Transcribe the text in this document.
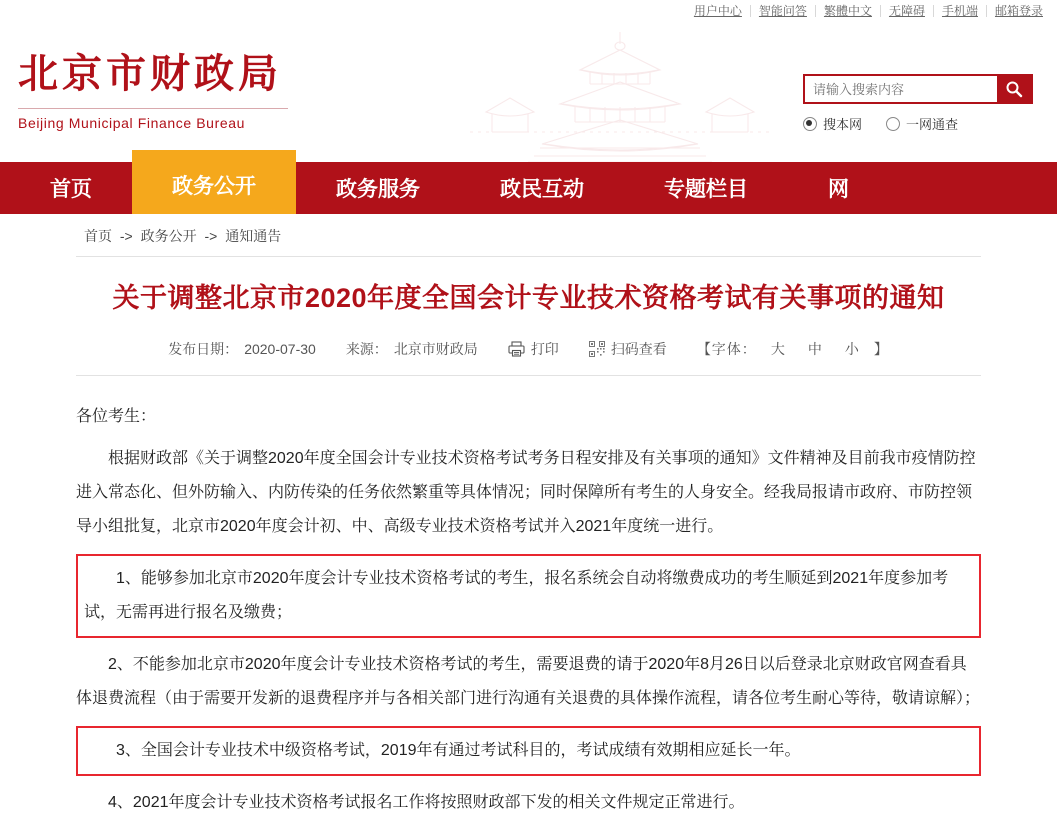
用户中心	智能问答	繁體中文	无障碍	手机端	邮箱登录
北京市财政局
Beijing Municipal Finance Bureau
请输入搜索内容	搜本网	一网通查
首页	政务公开	政务服务	政民互动	专题栏目	网
首页 -> 政务公开 -> 通知通告
关于调整北京市2020年度全国会计专业技术资格考试有关事项的通知
发布日期： 2020-07-30 来源： 北京市财政局	打印	扫码查看 【字体： 大 中 小 】

各位考生：

根据财政部《关于调整2020年度全国会计专业技术资格考试考务日程安排及有关事项的通知》文件精神及目前我市疫情防控进入常态化、但外防输入、内防传染的任务依然繁重等具体情况；同时保障所有考生的人身安全。经我局报请市政府、市防控领导小组批复，北京市2020年度会计初、中、高级专业技术资格考试并入2021年度统一进行。

1、能够参加北京市2020年度会计专业技术资格考试的考生，报名系统会自动将缴费成功的考生顺延到2021年度参加考试，无需再进行报名及缴费；

2、不能参加北京市2020年度会计专业技术资格考试的考生，需要退费的请于2020年8月26日以后登录北京财政官网查看具体退费流程（由于需要开发新的退费程序并与各相关部门进行沟通有关退费的具体操作流程，请各位考生耐心等待，敬请谅解）；

3、全国会计专业技术中级资格考试，2019年有通过考试科目的，考试成绩有效期相应延长一年。

4、2021年度会计专业技术资格考试报名工作将按照财政部下发的相关文件规定正常进行。
